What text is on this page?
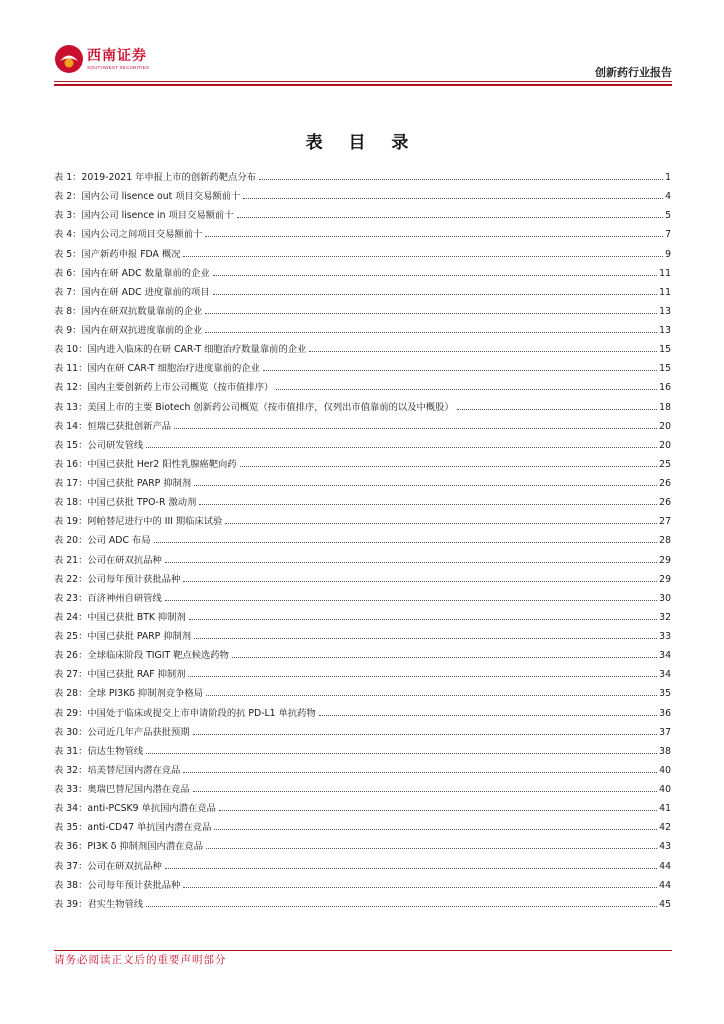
西南证券
SOUTHWEST SECURITIES	创新药行业报告
表 目 录
表 1：2019-2021 年申报上市的创新药靶点分布	1
表 2：国内公司 lisence out 项目交易额前十	4
表 3：国内公司 lisence in 项目交易额前十	5
表 4：国内公司之间项目交易额前十	7
表 5：国产新药申报 FDA 概况	9
表 6：国内在研 ADC 数量靠前的企业	11
表 7：国内在研 ADC 进度靠前的项目	11
表 8：国内在研双抗数量靠前的企业	13
表 9：国内在研双抗进度靠前的企业	13
表 10：国内进入临床的在研 CAR-T 细胞治疗数量靠前的企业	15
表 11：国内在研 CAR-T 细胞治疗进度靠前的企业	15
表 12：国内主要创新药上市公司概览（按市值排序）	16
表 13：美国上市的主要 Biotech 创新药公司概览（按市值排序，仅列出市值靠前的以及中概股）	18
表 14：恒瑞已获批创新产品	20
表 15：公司研发管线	20
表 16：中国已获批 Her2 阳性乳腺癌靶向药	25
表 17：中国已获批 PARP 抑制剂	26
表 18：中国已获批 TPO-R 激动剂	26
表 19：阿帕替尼进行中的 III 期临床试验	27
表 20：公司 ADC 布局	28
表 21：公司在研双抗品种	29
表 22：公司每年预计获批品种	29
表 23：百济神州自研管线	30
表 24：中国已获批 BTK 抑制剂	32
表 25：中国已获批 PARP 抑制剂	33
表 26：全球临床阶段 TIGIT 靶点候选药物	34
表 27：中国已获批 RAF 抑制剂	34
表 28：全球 PI3Kδ 抑制剂竞争格局	35
表 29：中国处于临床或提交上市申请阶段的抗 PD-L1 单抗药物	36
表 30：公司近几年产品获批预期	37
表 31：信达生物管线	38
表 32：培美替尼国内潜在竞品	40
表 33：奥瑞巴替尼国内潜在竞品	40
表 34：anti-PCSK9 单抗国内潜在竞品	41
表 35：anti-CD47 单抗国内潜在竞品	42
表 36：PI3K δ 抑制剂国内潜在竞品	43
表 37：公司在研双抗品种	44
表 38：公司每年预计获批品种	44
表 39：君实生物管线	45
请务必阅读正文后的重要声明部分
